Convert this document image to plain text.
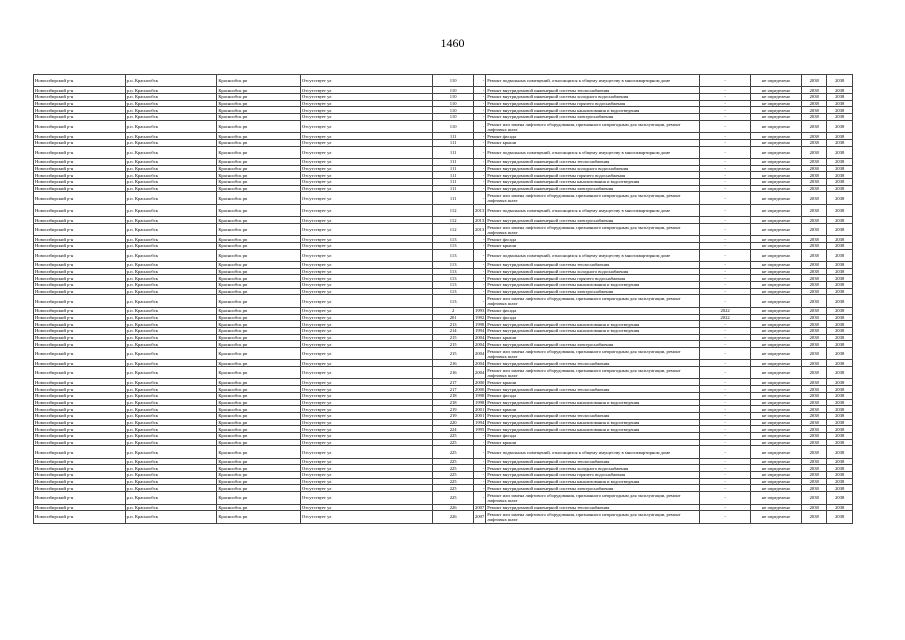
1460
Новосибирский р-н	р.п. Краснообск	Краснообск рп	Отсутствует ул	110	-	Ремонт подвальных помещений, относящихся к общему имуществу в многоквартирном доме	-	не определено	2038	2038
Новосибирский р-н	р.п. Краснообск	Краснообск рп	Отсутствует ул	110	-	Ремонт внутридомовой инженерной системы теплоснабжения	-	не определено	2038	2038
Новосибирский р-н	р.п. Краснообск	Краснообск рп	Отсутствует ул	110	-	Ремонт внутридомовой инженерной системы холодного водоснабжения	-	не определено	2038	2038
Новосибирский р-н	р.п. Краснообск	Краснообск рп	Отсутствует ул	110	-	Ремонт внутридомовой инженерной системы горячего водоснабжения	-	не определено	2038	2038
Новосибирский р-н	р.п. Краснообск	Краснообск рп	Отсутствует ул	110	-	Ремонт внутридомовой инженерной системы канализования и водоотведения	-	не определено	2038	2038
Новосибирский р-н	р.п. Краснообск	Краснообск рп	Отсутствует ул	110	-	Ремонт внутридомовой инженерной системы электроснабжения	-	не определено	2038	2038
Новосибирский р-н	р.п. Краснообск	Краснообск рп	Отсутствует ул	110	-	Ремонт или замена лифтового оборудования, признанного непригодным для эксплуатации, ремонт лифтовых шахт	-	не определено	2038	2038
Новосибирский р-н	р.п. Краснообск	Краснообск рп	Отсутствует ул	111	-	Ремонт фасада	-	не определено	2038	2038
Новосибирский р-н	р.п. Краснообск	Краснообск рп	Отсутствует ул	111	-	Ремонт крыши	-	не определено	2038	2038
Новосибирский р-н	р.п. Краснообск	Краснообск рп	Отсутствует ул	111	-	Ремонт подвальных помещений, относящихся к общему имуществу в многоквартирном доме	-	не определено	2038	2038
Новосибирский р-н	р.п. Краснообск	Краснообск рп	Отсутствует ул	111	-	Ремонт внутридомовой инженерной системы теплоснабжения	-	не определено	2038	2038
Новосибирский р-н	р.п. Краснообск	Краснообск рп	Отсутствует ул	111	-	Ремонт внутридомовой инженерной системы холодного водоснабжения	-	не определено	2038	2038
Новосибирский р-н	р.п. Краснообск	Краснообск рп	Отсутствует ул	111	-	Ремонт внутридомовой инженерной системы горячего водоснабжения	-	не определено	2038	2038
Новосибирский р-н	р.п. Краснообск	Краснообск рп	Отсутствует ул	111	-	Ремонт внутридомовой инженерной системы канализования и водоотведения	-	не определено	2038	2038
Новосибирский р-н	р.п. Краснообск	Краснообск рп	Отсутствует ул	111	-	Ремонт внутридомовой инженерной системы электроснабжения	-	не определено	2038	2038
Новосибирский р-н	р.п. Краснообск	Краснообск рп	Отсутствует ул	111	-	Ремонт или замена лифтового оборудования, признанного непригодным для эксплуатации, ремонт лифтовых шахт	-	не определено	2038	2038
Новосибирский р-н	р.п. Краснообск	Краснообск рп	Отсутствует ул	112	2013	Ремонт подвальных помещений, относящихся к общему имуществу в многоквартирном доме	-	не определено	2038	2038
Новосибирский р-н	р.п. Краснообск	Краснообск рп	Отсутствует ул	112	2013	Ремонт внутридомовой инженерной системы электроснабжения	-	не определено	2038	2038
Новосибирский р-н	р.п. Краснообск	Краснообск рп	Отсутствует ул	112	2013	Ремонт или замена лифтового оборудования, признанного непригодным для эксплуатации, ремонт лифтовых шахт	-	не определено	2038	2038
Новосибирский р-н	р.п. Краснообск	Краснообск рп	Отсутствует ул	113	-	Ремонт фасада	-	не определено	2038	2038
Новосибирский р-н	р.п. Краснообск	Краснообск рп	Отсутствует ул	113	-	Ремонт крыши	-	не определено	2038	2038
Новосибирский р-н	р.п. Краснообск	Краснообск рп	Отсутствует ул	113	-	Ремонт подвальных помещений, относящихся к общему имуществу в многоквартирном доме	-	не определено	2038	2038
Новосибирский р-н	р.п. Краснообск	Краснообск рп	Отсутствует ул	113	-	Ремонт внутридомовой инженерной системы теплоснабжения	-	не определено	2038	2038
Новосибирский р-н	р.п. Краснообск	Краснообск рп	Отсутствует ул	113	-	Ремонт внутридомовой инженерной системы холодного водоснабжения	-	не определено	2038	2038
Новосибирский р-н	р.п. Краснообск	Краснообск рп	Отсутствует ул	113	-	Ремонт внутридомовой инженерной системы горячего водоснабжения	-	не определено	2038	2038
Новосибирский р-н	р.п. Краснообск	Краснообск рп	Отсутствует ул	113	-	Ремонт внутридомовой инженерной системы канализования и водоотведения	-	не определено	2038	2038
Новосибирский р-н	р.п. Краснообск	Краснообск рп	Отсутствует ул	113	-	Ремонт внутридомовой инженерной системы электроснабжения	-	не определено	2038	2038
Новосибирский р-н	р.п. Краснообск	Краснообск рп	Отсутствует ул	113	-	Ремонт или замена лифтового оборудования, признанного непригодным для эксплуатации, ремонт лифтовых шахт	-	не определено	2038	2038
Новосибирский р-н	р.п. Краснообск	Краснообск рп	Отсутствует ул	2	1993	Ремонт фасада	2022	не определено	2038	2038
Новосибирский р-н	р.п. Краснообск	Краснообск рп	Отсутствует ул	201	1992	Ремонт фасада	2022	не определено	2038	2038
Новосибирский р-н	р.п. Краснообск	Краснообск рп	Отсутствует ул	213	1998	Ремонт внутридомовой инженерной системы канализования и водоотведения	-	не определено	2038	2038
Новосибирский р-н	р.п. Краснообск	Краснообск рп	Отсутствует ул	214	1994	Ремонт внутридомовой инженерной системы канализования и водоотведения	-	не определено	2038	2038
Новосибирский р-н	р.п. Краснообск	Краснообск рп	Отсутствует ул	215	2004	Ремонт крыши	-	не определено	2038	2038
Новосибирский р-н	р.п. Краснообск	Краснообск рп	Отсутствует ул	215	2004	Ремонт внутридомовой инженерной системы электроснабжения	-	не определено	2038	2038
Новосибирский р-н	р.п. Краснообск	Краснообск рп	Отсутствует ул	215	2004	Ремонт или замена лифтового оборудования, признанного непригодным для эксплуатации, ремонт лифтовых шахт	-	не определено	2038	2038
Новосибирский р-н	р.п. Краснообск	Краснообск рп	Отсутствует ул	216	2004	Ремонт внутридомовой инженерной системы теплоснабжения	-	не определено	2038	2038
Новосибирский р-н	р.п. Краснообск	Краснообск рп	Отсутствует ул	216	2004	Ремонт или замена лифтового оборудования, признанного непригодным для эксплуатации, ремонт лифтовых шахт	-	не определено	2038	2038
Новосибирский р-н	р.п. Краснообск	Краснообск рп	Отсутствует ул	217	2000	Ремонт крыши	-	не определено	2038	2038
Новосибирский р-н	р.п. Краснообск	Краснообск рп	Отсутствует ул	217	2000	Ремонт внутридомовой инженерной системы теплоснабжения	-	не определено	2038	2038
Новосибирский р-н	р.п. Краснообск	Краснообск рп	Отсутствует ул	218	1998	Ремонт фасада	-	не определено	2038	2038
Новосибирский р-н	р.п. Краснообск	Краснообск рп	Отсутствует ул	218	1998	Ремонт внутридомовой инженерной системы канализования и водоотведения	-	не определено	2038	2038
Новосибирский р-н	р.п. Краснообск	Краснообск рп	Отсутствует ул	219	2001	Ремонт крыши	-	не определено	2038	2038
Новосибирский р-н	р.п. Краснообск	Краснообск рп	Отсутствует ул	219	2001	Ремонт внутридомовой инженерной системы теплоснабжения	-	не определено	2038	2038
Новосибирский р-н	р.п. Краснообск	Краснообск рп	Отсутствует ул	220	1994	Ремонт внутридомовой инженерной системы канализования и водоотведения	-	не определено	2038	2038
Новосибирский р-н	р.п. Краснообск	Краснообск рп	Отсутствует ул	224	1995	Ремонт внутридомовой инженерной системы канализования и водоотведения	-	не определено	2038	2038
Новосибирский р-н	р.п. Краснообск	Краснообск рп	Отсутствует ул	225	-	Ремонт фасада	-	не определено	2038	2038
Новосибирский р-н	р.п. Краснообск	Краснообск рп	Отсутствует ул	225	-	Ремонт крыши	-	не определено	2038	2038
Новосибирский р-н	р.п. Краснообск	Краснообск рп	Отсутствует ул	225	-	Ремонт подвальных помещений, относящихся к общему имуществу в многоквартирном доме	-	не определено	2038	2038
Новосибирский р-н	р.п. Краснообск	Краснообск рп	Отсутствует ул	225	-	Ремонт внутридомовой инженерной системы теплоснабжения	-	не определено	2038	2038
Новосибирский р-н	р.п. Краснообск	Краснообск рп	Отсутствует ул	225	-	Ремонт внутридомовой инженерной системы холодного водоснабжения	-	не определено	2038	2038
Новосибирский р-н	р.п. Краснообск	Краснообск рп	Отсутствует ул	225	-	Ремонт внутридомовой инженерной системы горячего водоснабжения	-	не определено	2038	2038
Новосибирский р-н	р.п. Краснообск	Краснообск рп	Отсутствует ул	225	-	Ремонт внутридомовой инженерной системы канализования и водоотведения	-	не определено	2038	2038
Новосибирский р-н	р.п. Краснообск	Краснообск рп	Отсутствует ул	225	-	Ремонт внутридомовой инженерной системы электроснабжения	-	не определено	2038	2038
Новосибирский р-н	р.п. Краснообск	Краснообск рп	Отсутствует ул	225	-	Ремонт или замена лифтового оборудования, признанного непригодным для эксплуатации, ремонт лифтовых шахт	-	не определено	2038	2038
Новосибирский р-н	р.п. Краснообск	Краснообск рп	Отсутствует ул	226	2007	Ремонт внутридомовой инженерной системы теплоснабжения	-	не определено	2038	2038
Новосибирский р-н	р.п. Краснообск	Краснообск рп	Отсутствует ул	226	2007	Ремонт или замена лифтового оборудования, признанного непригодным для эксплуатации, ремонт лифтовых шахт	-	не определено	2038	2038
